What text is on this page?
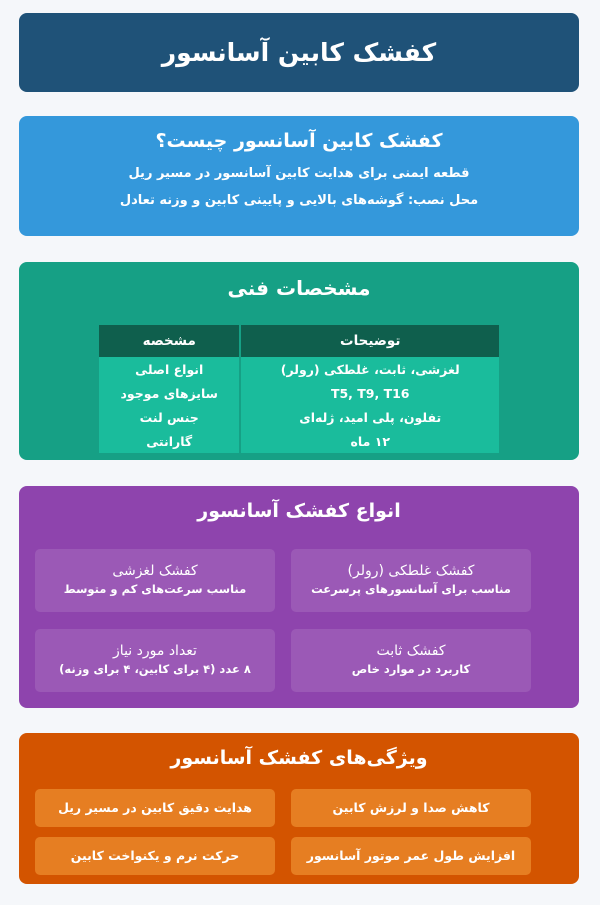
کفشک کابین آسانسور
کفشک کابین آسانسور چیست؟

قطعه ایمنی برای هدایت کابین آسانسور در مسیر ریل

محل نصب: گوشه‌های بالایی و پایینی کابین و وزنه تعادل

مشخصات فنی
مشخصه	توضیحات
انواع اصلی	لغزشی، ثابت، غلطکی (رولر)
سایزهای موجود	T5, T9, T16
جنس لنت	تفلون، پلی امید، ژله‌ای
گارانتی	۱۲ ماه
انواع کفشک آسانسور
کفشک غلطکی (رولر)
مناسب برای آسانسورهای پرسرعت
کفشک لغزشی
مناسب سرعت‌های کم و متوسط
کفشک ثابت
کاربرد در موارد خاص
تعداد مورد نیاز
۸ عدد (۴ برای کابین، ۴ برای وزنه)
ویژگی‌های کفشک آسانسور
کاهش صدا و لرزش کابین
هدایت دقیق کابین در مسیر ریل
افزایش طول عمر موتور آسانسور
حرکت نرم و یکنواخت کابین
